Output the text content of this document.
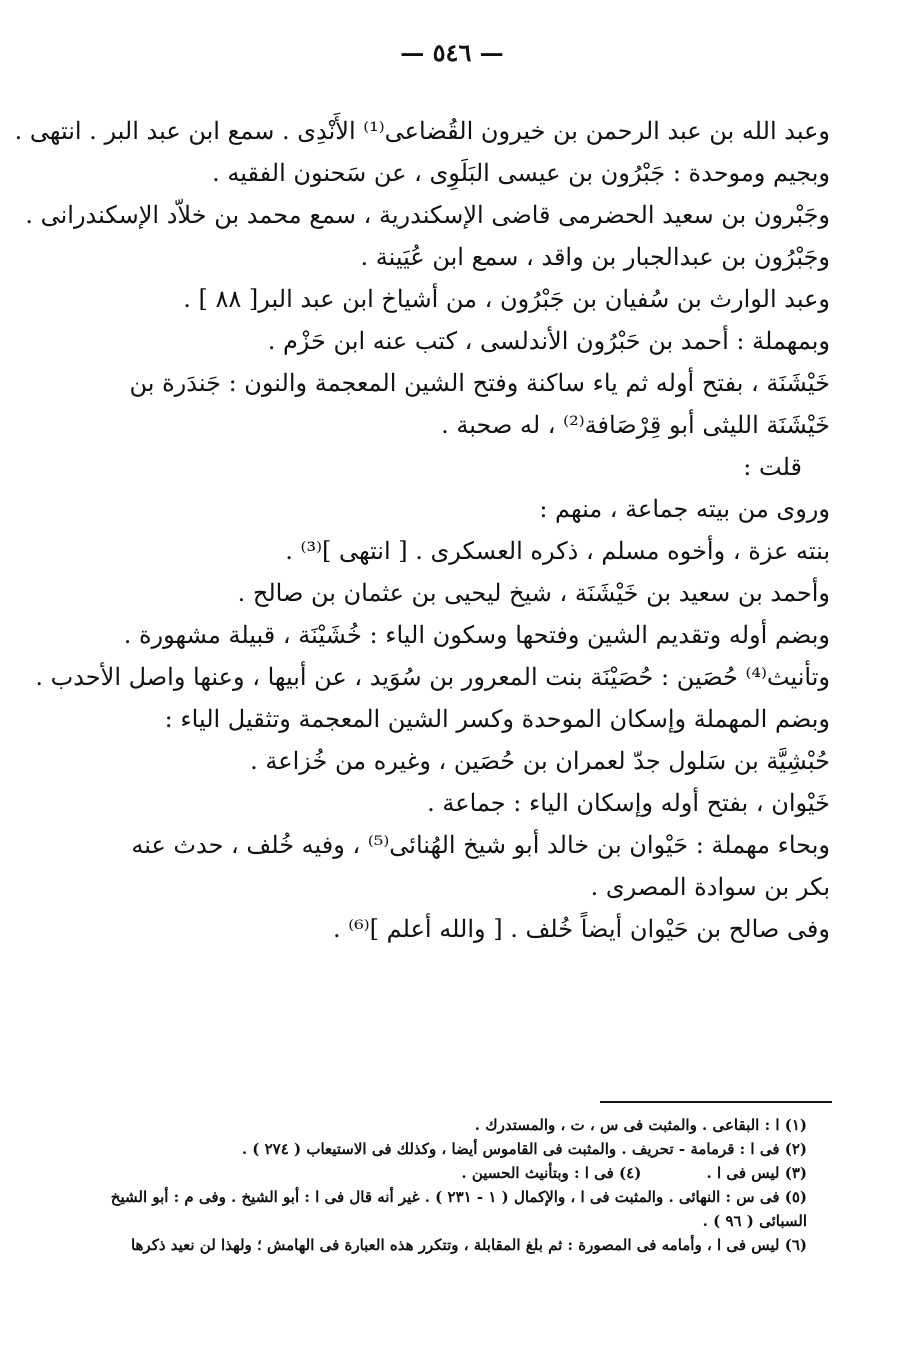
— ٥٤٦ —
وعبد الله بن عبد الرحمن بن خيرون القُضاعى⁽¹⁾ الأَنْدِى . سمع ابن عبد البر . انتهى .
وبجيم وموحدة : جَبْرُون بن عيسى البَلَوِى ، عن سَحنون الفقيه .
وجَبْرون بن سعيد الحضرمى قاضى الإسكندرية ، سمع محمد بن خلاّد الإسكندرانى .
وجَبْرُون بن عبدالجبار بن واقد ، سمع ابن عُيَينة .
وعبد الوارث بن سُفيان بن جَبْرُون ، من أشياخ ابن عبد البر[ ٨٨ ] .
وبمهملة : أحمد بن حَبْرُون الأندلسى ، كتب عنه ابن حَزْم .
خَيْشَنَة ، بفتح أوله ثم ياء ساكنة وفتح الشين المعجمة والنون : جَندَرة بن خَيْشَنَة الليثى أبو قِرْصَافة⁽²⁾ ، له صحبة .
قلت :
وروى من بيته جماعة ، منهم :
بنته عزة ، وأخوه مسلم ، ذكره العسكرى . [ انتهى ]⁽³⁾ .
وأحمد بن سعيد بن خَيْشَنَة ، شيخ ليحيى بن عثمان بن صالح .
وبضم أوله وتقديم الشين وفتحها وسكون الياء : خُشَيْنَة ، قبيلة مشهورة .
وتأنيث⁽⁴⁾ حُصَين : حُصَيْنَة بنت المعرور بن سُوَيد ، عن أبيها ، وعنها واصل الأحدب .
وبضم المهملة وإسكان الموحدة وكسر الشين المعجمة وتثقيل الياء : حُبْشِيَّة بن سَلول جدّ لعمران بن حُصَين ، وغيره من خُزاعة .
خَيْوان ، بفتح أوله وإسكان الياء : جماعة .
وبحاء مهملة : حَيْوان بن خالد أبو شيخ الهُنائى⁽⁵⁾ ، وفيه خُلف ، حدث عنه بكر بن سوادة المصرى .
وفى صالح بن حَيْوان أيضاً خُلف . [ والله أعلم ]⁽⁶⁾ .
(١) ا : البقاعى . والمثبت فى س ، ت ، والمستدرك .
(٢) فى ا : قرمامة - تحريف . والمثبت فى القاموس أيضا ، وكذلك فى الاستيعاب ( ٢٧٤ ) .
(٣) ليس فى ا . (٤) فى ا : وبتأنيث الحسين .
(٥) فى س : النهائى . والمثبت فى ا ، والإكمال ( ١ - ٢٣١ ) . غير أنه قال فى ا : أبو الشيخ . وفى م : أبو الشيخ السبائى ( ٩٦ ) .
(٦) ليس فى ا ، وأمامه فى المصورة : ثم بلغ المقابلة ، وتتكرر هذه العبارة فى الهامش ؛ ولهذا لن نعيد ذكرها
